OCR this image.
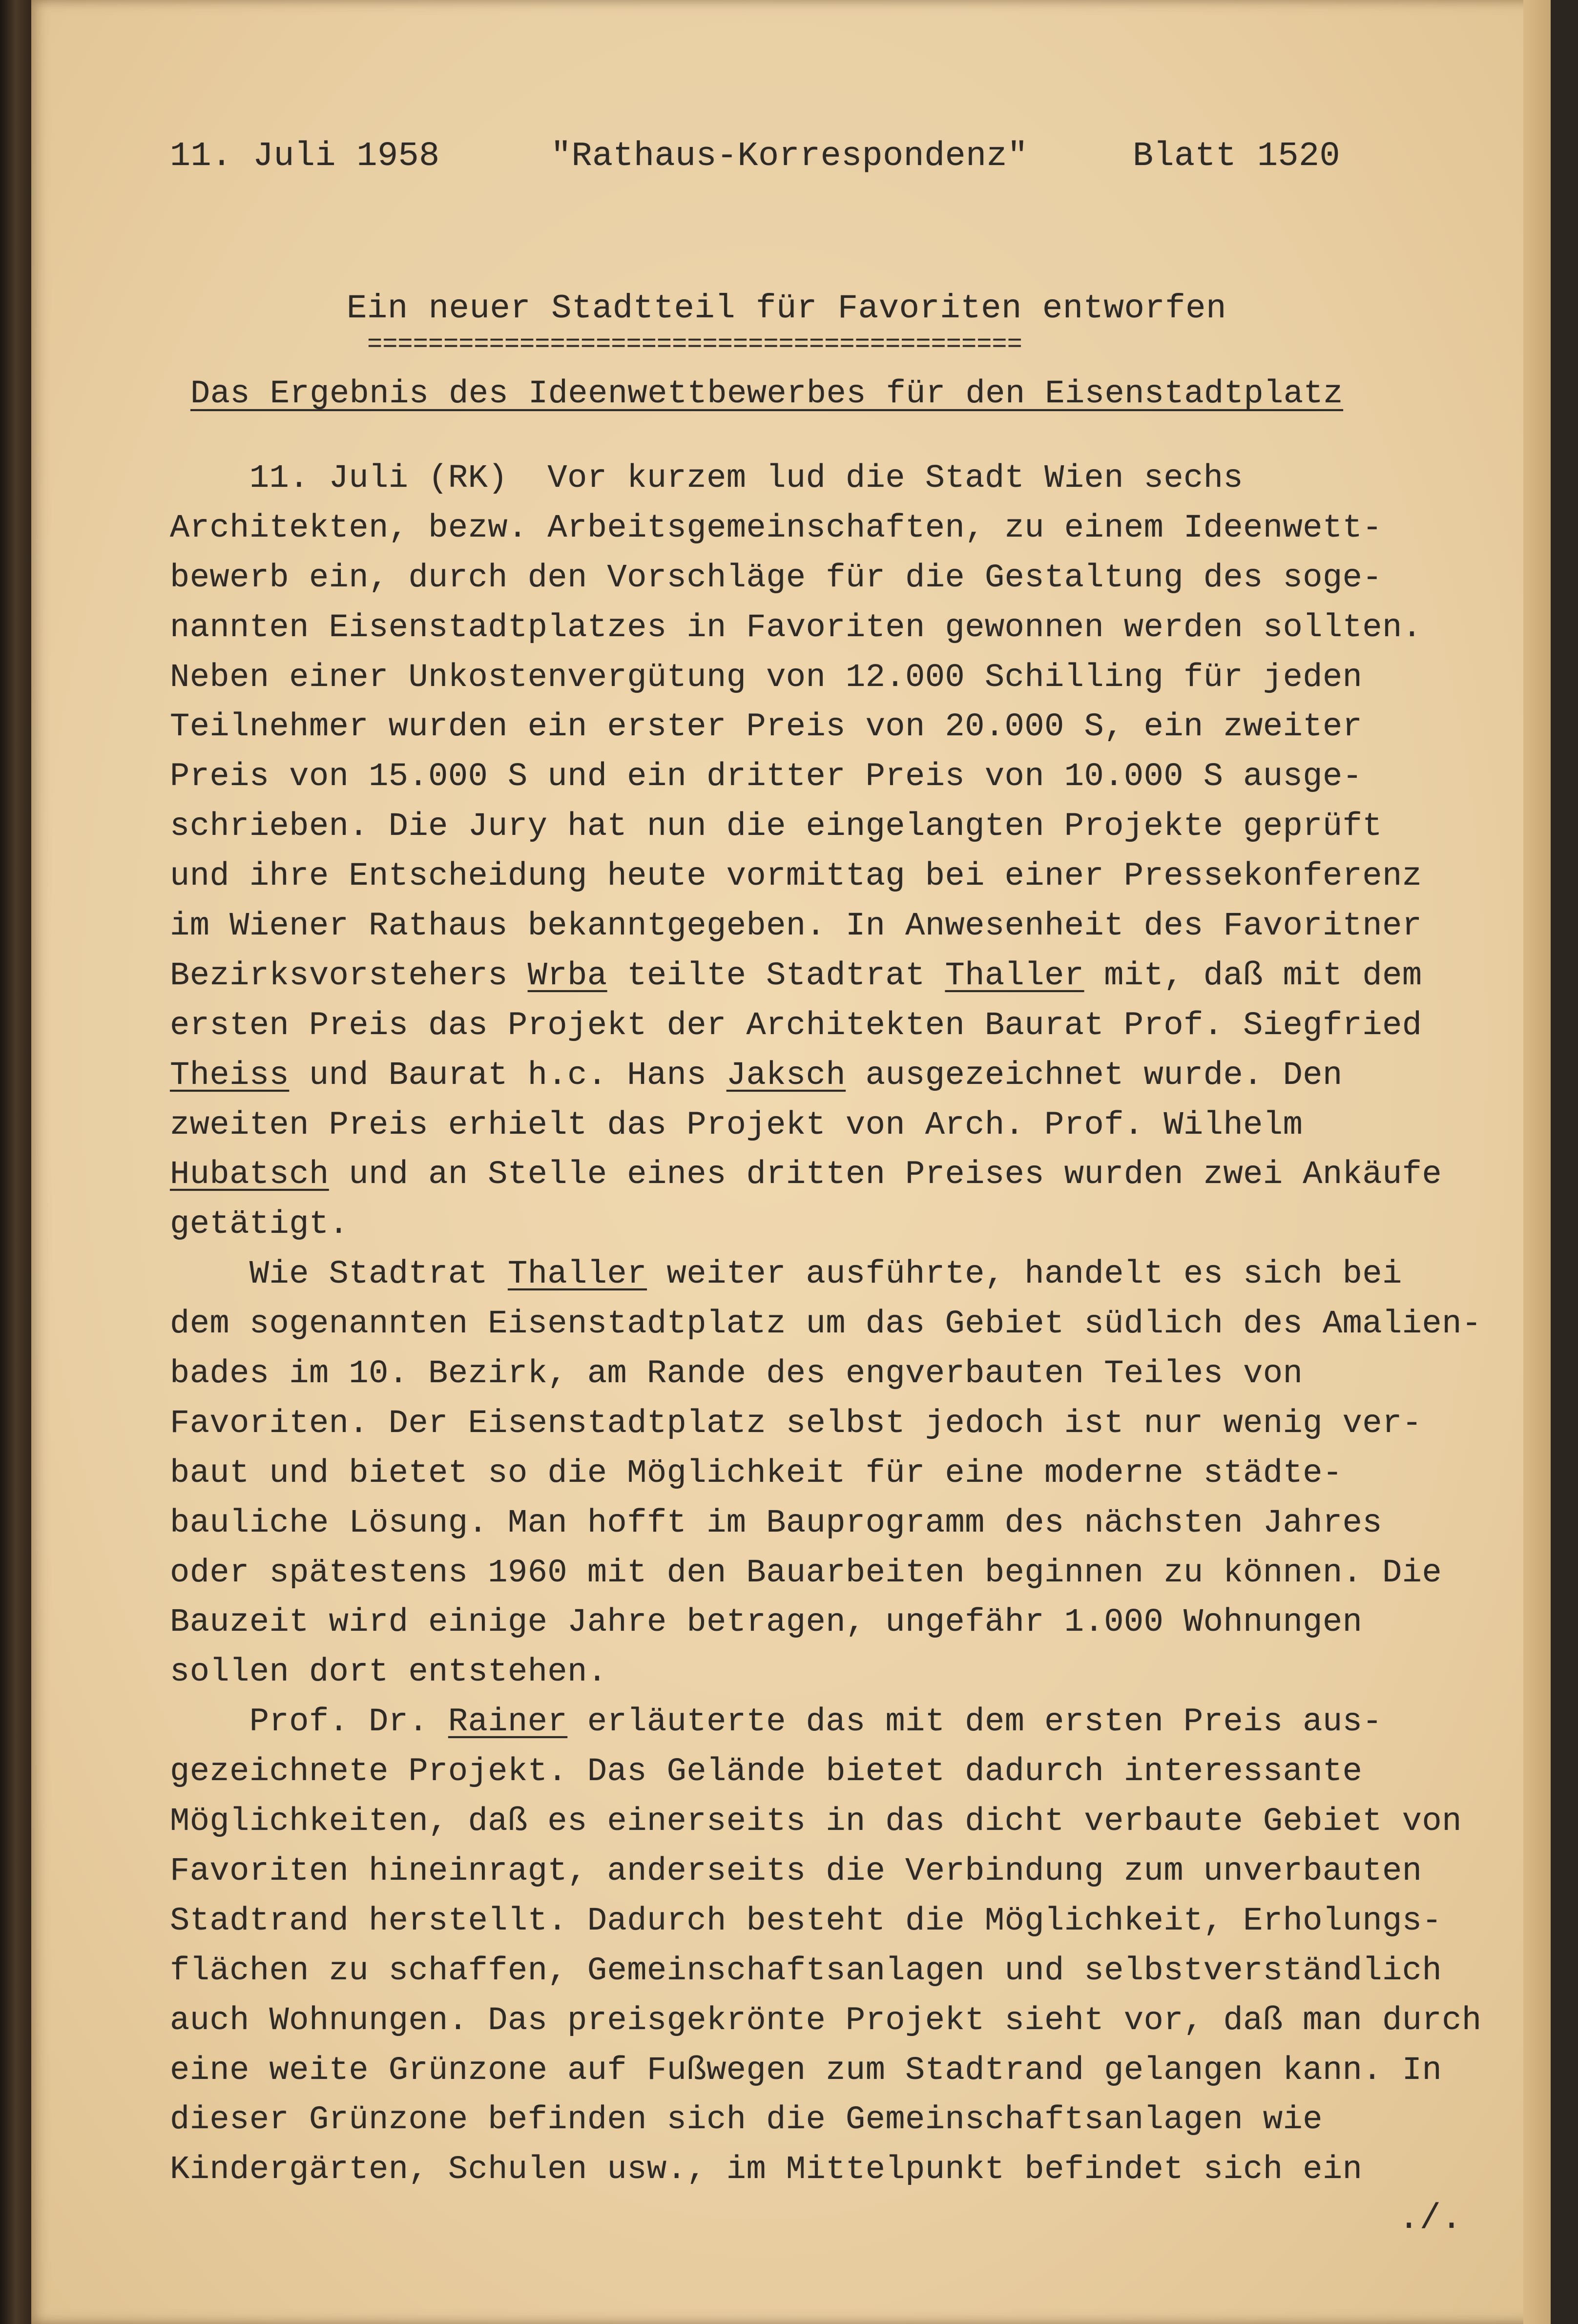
11. Juli 1958	"Rathaus-Korrespondenz"	Blatt 1520
Ein neuer Stadtteil für Favoriten entworfen
===========================================
Das Ergebnis des Ideenwettbewerbes für den Eisenstadtplatz
11. Juli (RK)  Vor kurzem lud die Stadt Wien sechs
Architekten, bezw. Arbeitsgemeinschaften, zu einem Ideenwett-
bewerb ein, durch den Vorschläge für die Gestaltung des soge-
nannten Eisenstadtplatzes in Favoriten gewonnen werden sollten.
Neben einer Unkostenvergütung von 12.000 Schilling für jeden
Teilnehmer wurden ein erster Preis von 20.000 S, ein zweiter
Preis von 15.000 S und ein dritter Preis von 10.000 S ausge-
schrieben. Die Jury hat nun die eingelangten Projekte geprüft
und ihre Entscheidung heute vormittag bei einer Pressekonferenz
im Wiener Rathaus bekanntgegeben. In Anwesenheit des Favoritner
Bezirksvorstehers Wrba teilte Stadtrat Thaller mit, daß mit dem
ersten Preis das Projekt der Architekten Baurat Prof. Siegfried
Theiss und Baurat h.c. Hans Jaksch ausgezeichnet wurde. Den
zweiten Preis erhielt das Projekt von Arch. Prof. Wilhelm
Hubatsch und an Stelle eines dritten Preises wurden zwei Ankäufe
getätigt.
Wie Stadtrat Thaller weiter ausführte, handelt es sich bei
dem sogenannten Eisenstadtplatz um das Gebiet südlich des Amalien-
bades im 10. Bezirk, am Rande des engverbauten Teiles von
Favoriten. Der Eisenstadtplatz selbst jedoch ist nur wenig ver-
baut und bietet so die Möglichkeit für eine moderne städte-
bauliche Lösung. Man hofft im Bauprogramm des nächsten Jahres
oder spätestens 1960 mit den Bauarbeiten beginnen zu können. Die
Bauzeit wird einige Jahre betragen, ungefähr 1.000 Wohnungen
sollen dort entstehen.
Prof. Dr. Rainer erläuterte das mit dem ersten Preis aus-
gezeichnete Projekt. Das Gelände bietet dadurch interessante
Möglichkeiten, daß es einerseits in das dicht verbaute Gebiet von
Favoriten hineinragt, anderseits die Verbindung zum unverbauten
Stadtrand herstellt. Dadurch besteht die Möglichkeit, Erholungs-
flächen zu schaffen, Gemeinschaftsanlagen und selbstverständlich
auch Wohnungen. Das preisgekrönte Projekt sieht vor, daß man durch
eine weite Grünzone auf Fußwegen zum Stadtrand gelangen kann. In
dieser Grünzone befinden sich die Gemeinschaftsanlagen wie
Kindergärten, Schulen usw., im Mittelpunkt befindet sich ein
./.
